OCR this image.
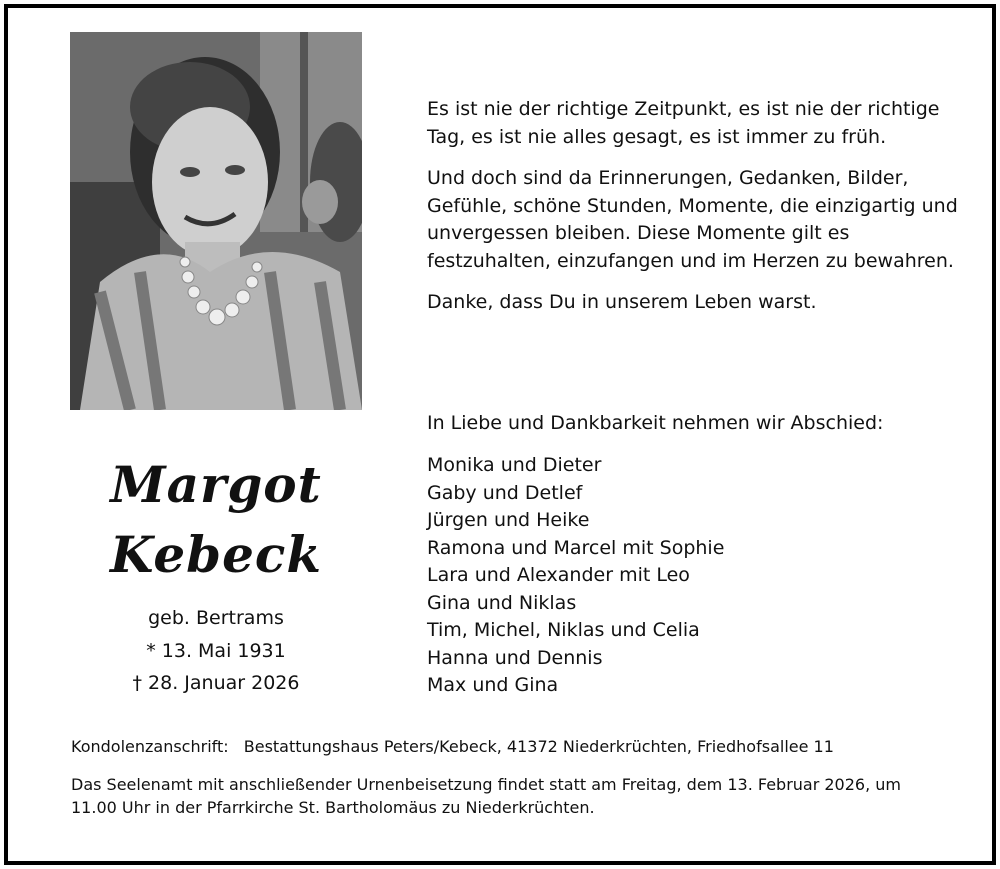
Es ist nie der richtige Zeitpunkt, es ist nie der richtige Tag, es ist nie alles gesagt, es ist immer zu früh.

Und doch sind da Erinnerungen, Gedanken, Bilder, Gefühle, schöne Stunden, Momente, die einzigartig und unvergessen bleiben. Diese Momente gilt es festzuhalten, einzufangen und im Herzen zu bewahren.

Danke, dass Du in unserem Leben warst.

In Liebe und Dankbarkeit nehmen wir Abschied:
Monika und Dieter
Gaby und Detlef
Jürgen und Heike
Ramona und Marcel mit Sophie
Lara und Alexander mit Leo
Gina und Niklas
Tim, Michel, Niklas und Celia
Hanna und Dennis
Max und Gina
Margot
Kebeck
geb. Bertrams
* 13. Mai 1931
† 28. Januar 2026
Kondolenzanschrift: Bestattungshaus Peters/Kebeck, 41372 Niederkrüchten, Friedhofsallee 11
Das Seelenamt mit anschließender Urnenbeisetzung findet statt am Freitag, dem 13. Februar 2026, um 11.00 Uhr in der Pfarrkirche St. Bartholomäus zu Niederkrüchten.
